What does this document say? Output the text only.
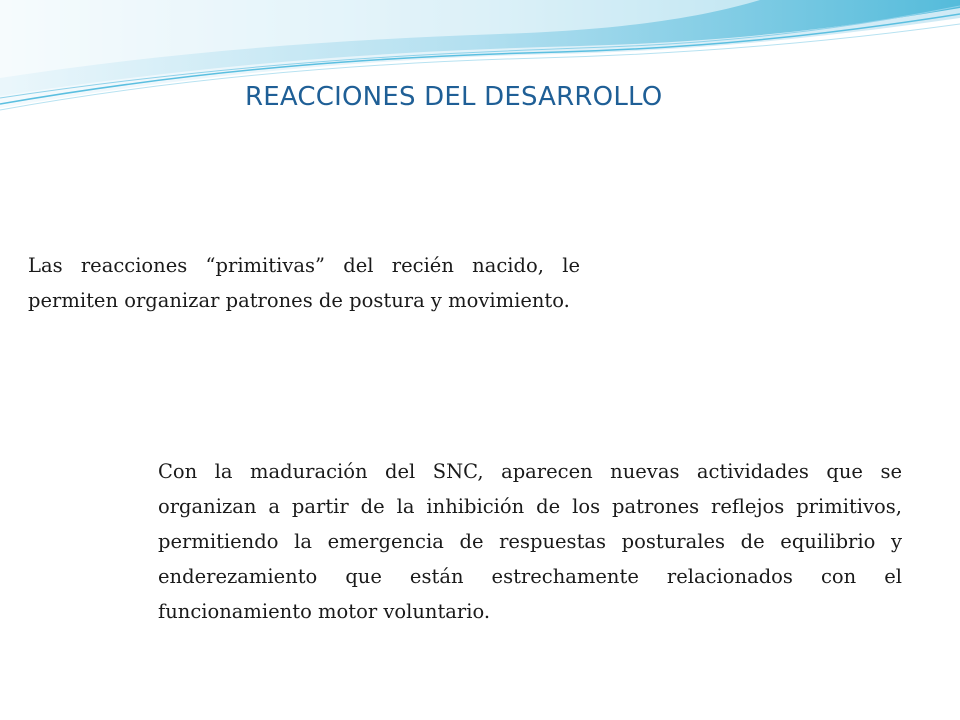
REACCIONES DEL DESARROLLO

Las reacciones “primitivas” del recién nacido, le permiten organizar patrones de postura y movimiento.

Con la maduración del SNC, aparecen nuevas actividades que se organizan a partir de la inhibición de los patrones reflejos primitivos, permitiendo la emergencia de respuestas posturales de equilibrio y enderezamiento que están estrechamente relacionados con el funcionamiento motor voluntario.
